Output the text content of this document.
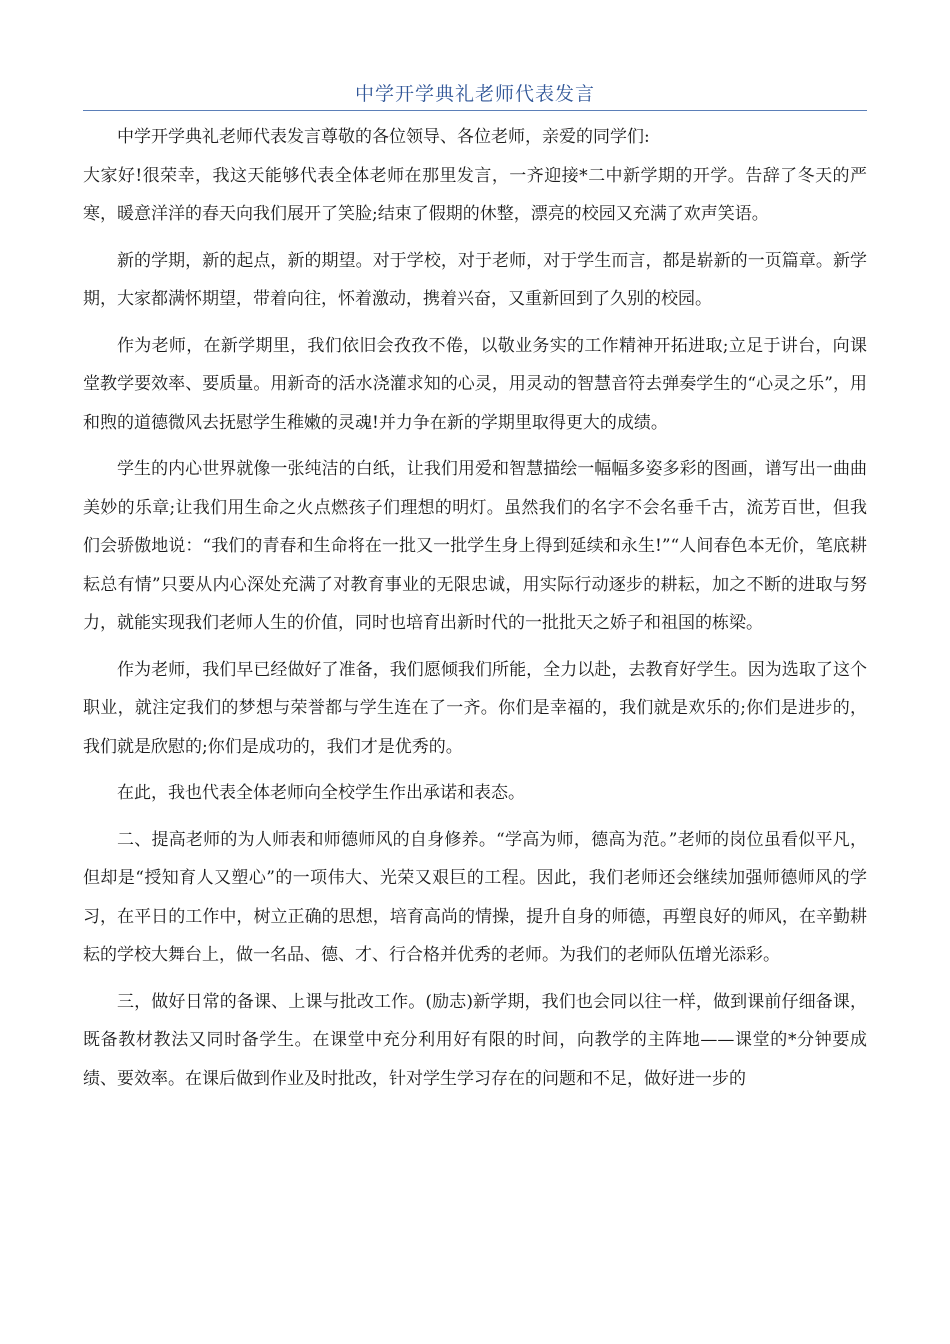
中学开学典礼老师代表发言

中学开学典礼老师代表发言尊敬的各位领导、各位老师，亲爱的同学们:

大家好!很荣幸，我这天能够代表全体老师在那里发言，一齐迎接*二中新学期的开学。告辞了冬天的严寒，暖意洋洋的春天向我们展开了笑脸;结束了假期的休整，漂亮的校园又充满了欢声笑语。

新的学期，新的起点，新的期望。对于学校，对于老师，对于学生而言，都是崭新的一页篇章。新学期，大家都满怀期望，带着向往，怀着激动，携着兴奋，又重新回到了久别的校园。

作为老师，在新学期里，我们依旧会孜孜不倦，以敬业务实的工作精神开拓进取;立足于讲台，向课堂教学要效率、要质量。用新奇的活水浇灌求知的心灵，用灵动的智慧音符去弹奏学生的“心灵之乐”，用和煦的道德微风去抚慰学生稚嫩的灵魂!并力争在新的学期里取得更大的成绩。

学生的内心世界就像一张纯洁的白纸，让我们用爱和智慧描绘一幅幅多姿多彩的图画，谱写出一曲曲美妙的乐章;让我们用生命之火点燃孩子们理想的明灯。虽然我们的名字不会名垂千古，流芳百世，但我们会骄傲地说：“我们的青春和生命将在一批又一批学生身上得到延续和永生!”“人间春色本无价，笔底耕耘总有情”只要从内心深处充满了对教育事业的无限忠诚，用实际行动逐步的耕耘，加之不断的进取与努力，就能实现我们老师人生的价值，同时也培育出新时代的一批批天之娇子和祖国的栋梁。

作为老师，我们早已经做好了准备，我们愿倾我们所能，全力以赴，去教育好学生。因为选取了这个职业，就注定我们的梦想与荣誉都与学生连在了一齐。你们是幸福的，我们就是欢乐的;你们是进步的，我们就是欣慰的;你们是成功的，我们才是优秀的。

在此，我也代表全体老师向全校学生作出承诺和表态。

二、提高老师的为人师表和师德师风的自身修养。“学高为师，德高为范。”老师的岗位虽看似平凡，但却是“授知育人又塑心”的一项伟大、光荣又艰巨的工程。因此，我们老师还会继续加强师德师风的学习，在平日的工作中，树立正确的思想，培育高尚的情操，提升自身的师德，再塑良好的师风，在辛勤耕耘的学校大舞台上，做一名品、德、才、行合格并优秀的老师。为我们的老师队伍增光添彩。

三，做好日常的备课、上课与批改工作。(励志)新学期，我们也会同以往一样，做到课前仔细备课，既备教材教法又同时备学生。在课堂中充分利用好有限的时间，向教学的主阵地——课堂的*分钟要成绩、要效率。在课后做到作业及时批改，针对学生学习存在的问题和不足，做好进一步的
